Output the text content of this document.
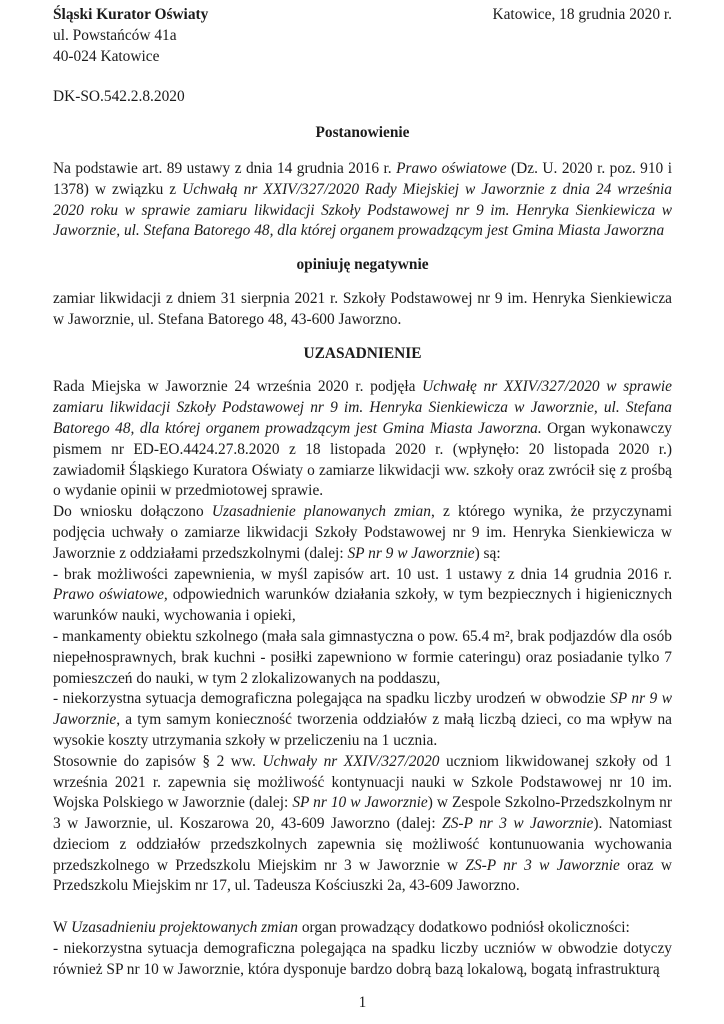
Śląski Kurator Oświaty

ul. Powstańców 41a

40-024 Katowice

Katowice, 18 grudnia 2020 r.

DK-SO.542.2.8.2020

Postanowienie

Na podstawie art. 89 ustawy z dnia 14 grudnia 2016 r. Prawo oświatowe (Dz. U. 2020 r. poz. 910 i 1378) w związku z Uchwałą nr XXIV/327/2020 Rady Miejskiej w Jaworznie z dnia 24 września 2020 roku w sprawie zamiaru likwidacji Szkoły Podstawowej nr 9 im. Henryka Sienkiewicza w Jaworznie, ul. Stefana Batorego 48, dla której organem prowadzącym jest Gmina Miasta Jaworzna

opiniuję negatywnie

zamiar likwidacji z dniem 31 sierpnia 2021 r. Szkoły Podstawowej nr 9 im. Henryka Sienkiewicza w Jaworznie, ul. Stefana Batorego 48, 43-600 Jaworzno.

UZASADNIENIE

Rada Miejska w Jaworznie 24 września 2020 r. podjęła Uchwałę nr XXIV/327/2020 w sprawie zamiaru likwidacji Szkoły Podstawowej nr 9 im. Henryka Sienkiewicza w Jaworznie, ul. Stefana Batorego 48, dla której organem prowadzącym jest Gmina Miasta Jaworzna. Organ wykonawczy pismem nr ED-EO.4424.27.8.2020 z 18 listopada 2020 r. (wpłynęło: 20 listopada 2020 r.) zawiadomił Śląskiego Kuratora Oświaty o zamiarze likwidacji ww. szkoły oraz zwrócił się z prośbą o wydanie opinii w przedmiotowej sprawie.

Do wniosku dołączono Uzasadnienie planowanych zmian, z którego wynika, że przyczynami podjęcia uchwały o zamiarze likwidacji Szkoły Podstawowej nr 9 im. Henryka Sienkiewicza w Jaworznie z oddziałami przedszkolnymi (dalej: SP nr 9 w Jaworznie) są:

- brak możliwości zapewnienia, w myśl zapisów art. 10 ust. 1 ustawy z dnia 14 grudnia 2016 r. Prawo oświatowe, odpowiednich warunków działania szkoły, w tym bezpiecznych i higienicznych warunków nauki, wychowania i opieki,

- mankamenty obiektu szkolnego (mała sala gimnastyczna o pow. 65.4 m², brak podjazdów dla osób niepełnosprawnych, brak kuchni - posiłki zapewniono w formie cateringu) oraz posiadanie tylko 7 pomieszczeń do nauki, w tym 2 zlokalizowanych na poddaszu,

- niekorzystna sytuacja demograficzna polegająca na spadku liczby urodzeń w obwodzie SP nr 9 w Jaworznie, a tym samym konieczność tworzenia oddziałów z małą liczbą dzieci, co ma wpływ na wysokie koszty utrzymania szkoły w przeliczeniu na 1 ucznia.

Stosownie do zapisów § 2 ww. Uchwały nr XXIV/327/2020 uczniom likwidowanej szkoły od 1 września 2021 r. zapewnia się możliwość kontynuacji nauki w Szkole Podstawowej nr 10 im. Wojska Polskiego w Jaworznie (dalej: SP nr 10 w Jaworznie) w Zespole Szkolno-Przedszkolnym nr 3 w Jaworznie, ul. Koszarowa 20, 43-609 Jaworzno (dalej: ZS-P nr 3 w Jaworznie). Natomiast dzieciom z oddziałów przedszkolnych zapewnia się możliwość kontunuowania wychowania przedszkolnego w Przedszkolu Miejskim nr 3 w Jaworznie w ZS-P nr 3 w Jaworznie oraz w Przedszkolu Miejskim nr 17, ul. Tadeusza Kościuszki 2a, 43-609 Jaworzno.

W Uzasadnieniu projektowanych zmian organ prowadzący dodatkowo podniósł okoliczności:

- niekorzystna sytuacja demograficzna polegająca na spadku liczby uczniów w obwodzie dotyczy również SP nr 10 w Jaworznie, która dysponuje bardzo dobrą bazą lokalową, bogatą infrastrukturą

1
